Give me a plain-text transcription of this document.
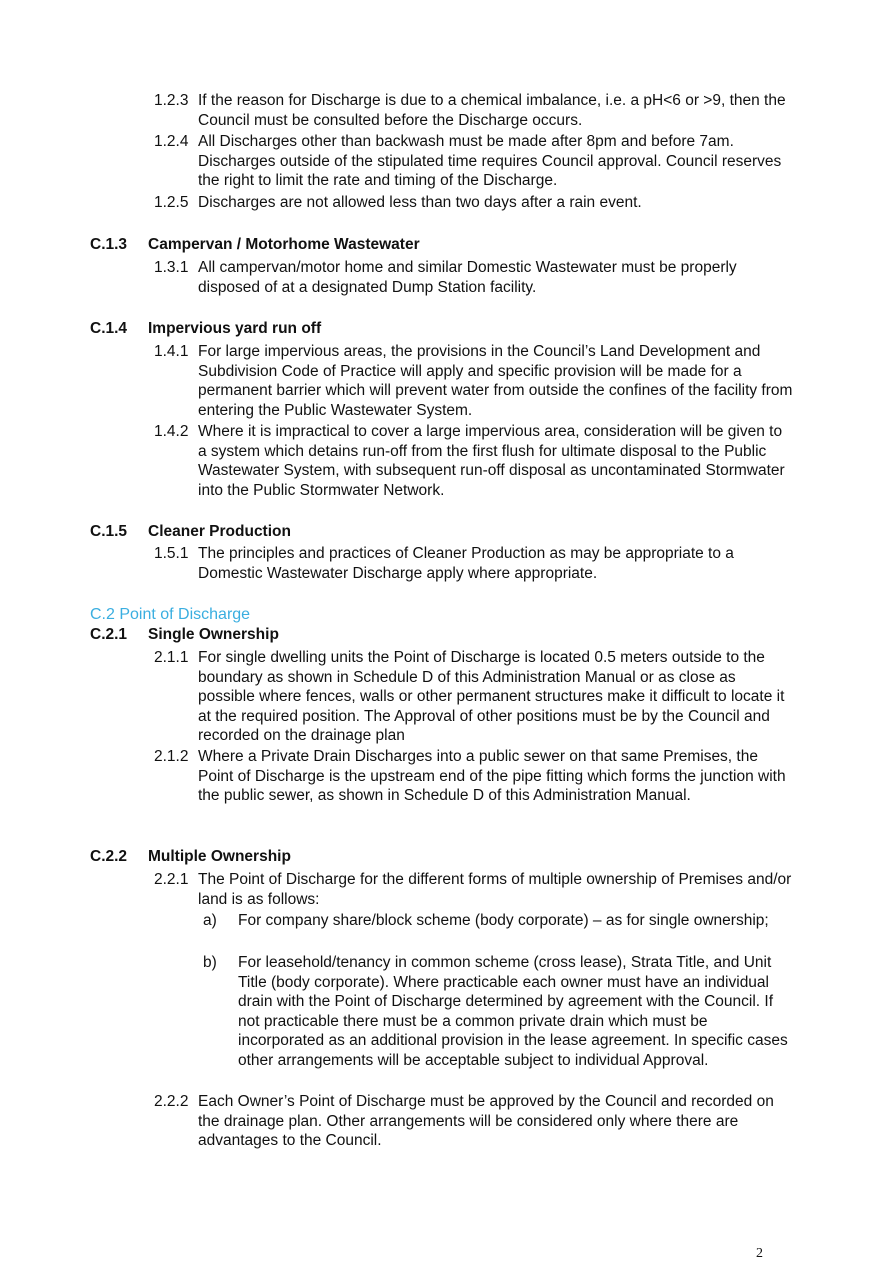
1.2.3 If the reason for Discharge is due to a chemical imbalance, i.e. a pH<6 or >9, then the Council must be consulted before the Discharge occurs.
1.2.4 All Discharges other than backwash must be made after 8pm and before 7am. Discharges outside of the stipulated time requires Council approval. Council reserves the right to limit the rate and timing of the Discharge.
1.2.5 Discharges are not allowed less than two days after a rain event.
C.1.3 Campervan / Motorhome Wastewater
1.3.1 All campervan/motor home and similar Domestic Wastewater must be properly disposed of at a designated Dump Station facility.
C.1.4 Impervious yard run off
1.4.1 For large impervious areas, the provisions in the Council’s Land Development and Subdivision Code of Practice will apply and specific provision will be made for a permanent barrier which will prevent water from outside the confines of the facility from entering the Public Wastewater System.
1.4.2 Where it is impractical to cover a large impervious area, consideration will be given to a system which detains run-off from the first flush for ultimate disposal to the Public Wastewater System, with subsequent run-off disposal as uncontaminated Stormwater into the Public Stormwater Network.
C.1.5 Cleaner Production
1.5.1 The principles and practices of Cleaner Production as may be appropriate to a Domestic Wastewater Discharge apply where appropriate.
C.2 Point of Discharge
C.2.1 Single Ownership
2.1.1 For single dwelling units the Point of Discharge is located 0.5 meters outside to the boundary as shown in Schedule D of this Administration Manual or as close as possible where fences, walls or other permanent structures make it difficult to locate it at the required position. The Approval of other positions must be by the Council and recorded on the drainage plan
2.1.2 Where a Private Drain Discharges into a public sewer on that same Premises, the Point of Discharge is the upstream end of the pipe fitting which forms the junction with the public sewer, as shown in Schedule D of this Administration Manual.
C.2.2 Multiple Ownership
2.2.1 The Point of Discharge for the different forms of multiple ownership of Premises and/or land is as follows:
a) For company share/block scheme (body corporate) – as for single ownership;
b) For leasehold/tenancy in common scheme (cross lease), Strata Title, and Unit Title (body corporate). Where practicable each owner must have an individual drain with the Point of Discharge determined by agreement with the Council. If not practicable there must be a common private drain which must be incorporated as an additional provision in the lease agreement. In specific cases other arrangements will be acceptable subject to individual Approval.
2.2.2 Each Owner’s Point of Discharge must be approved by the Council and recorded on the drainage plan. Other arrangements will be considered only where there are advantages to the Council.
2
